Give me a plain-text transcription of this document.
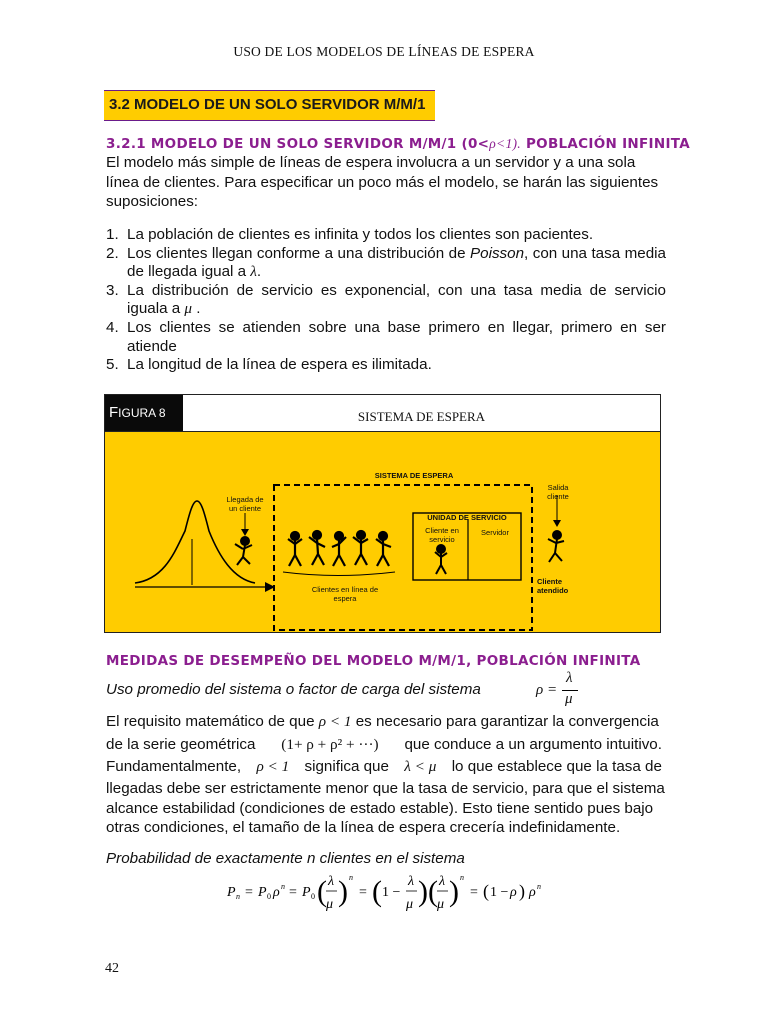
USO DE LOS MODELOS DE LÍNEAS DE ESPERA
3.2 MODELO DE UN SOLO SERVIDOR M/M/1
3.2.1 MODELO DE UN SOLO SERVIDOR M/M/1 (0<ρ<1). POBLACIÓN INFINITA
El modelo más simple de líneas de espera involucra a un servidor y a una sola
línea de clientes. Para especificar un poco más el modelo, se harán las siguientes
suposiciones:
1. La población de clientes es infinita y todos los clientes son pacientes.
2. Los clientes llegan conforme a una distribución de Poisson, con una tasa media de llegada igual a λ.
3. La distribución de servicio es exponencial, con una tasa media de servicio iguala a μ .
4. Los clientes se atienden sobre una base primero en llegar, primero en ser atiende
5. La longitud de la línea de espera es ilimitada.
FIGURA 8	SISTEMA DE ESPERA
SISTEMA DE ESPERA
Llegada de
un cliente
Clientes en línea de
espera
UNIDAD DE SERVICIO
Cliente en
servicio
Servidor
Salida
cliente
Cliente
atendido
MEDIDAS DE DESEMPEÑO DEL MODELO M/M/1, POBLACIÓN INFINITA
Uso promedio del sistema o factor de carga del sistema	ρ =
λ
μ
El requisito matemático de que ρ < 1 es necesario para garantizar la convergencia
de la serie geométrica (1+ ρ + ρ² + ···) que conduce a un argumento intuitivo.
Fundamentalmente, ρ < 1 significa que λ < μ lo que establece que la tasa de
llegadas debe ser estrictamente menor que la tasa de servicio, para que el sistema
alcance estabilidad (condiciones de estado estable). Esto tiene sentido pues bajo
otras condiciones, el tamaño de la línea de espera crecería indefinidamente.
Probabilidad de exactamente n clientes en el sistema
P n = P 0 ρ n = P 0 ( λ
μ ) n
= ( 1 −
λ
μ ) ( λ
μ ) n
= ( 1 − ρ ) ρ n
42
